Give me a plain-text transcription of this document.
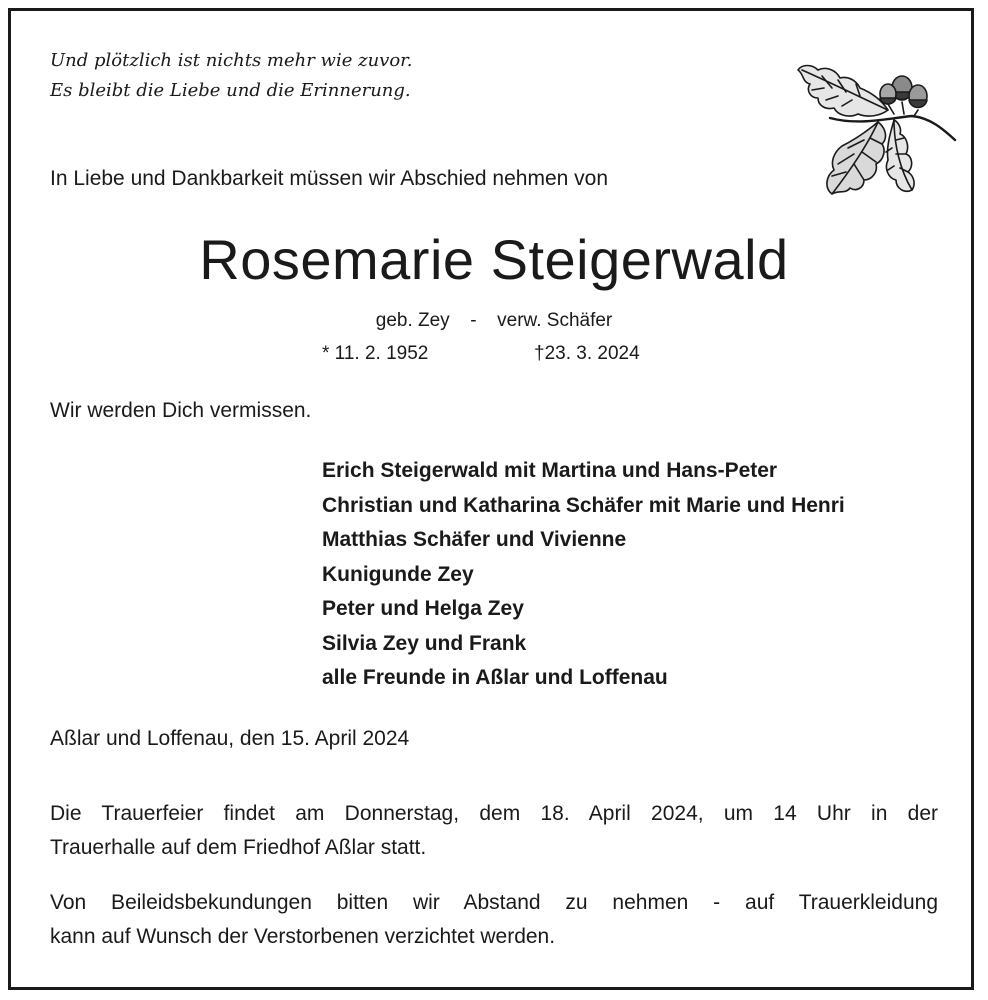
Und plötzlich ist nichts mehr wie zuvor.
Es bleibt die Liebe und die Erinnerung.
In Liebe und Dankbarkeit müssen wir Abschied nehmen von
Rosemarie Steigerwald
geb. Zey - verw. Schäfer
* 11. 2. 1952	†23. 3. 2024
Wir werden Dich vermissen.
Erich Steigerwald mit Martina und Hans-Peter
Christian und Katharina Schäfer mit Marie und Henri
Matthias Schäfer und Vivienne
Kunigunde Zey
Peter und Helga Zey
Silvia Zey und Frank
alle Freunde in Aßlar und Loffenau
Aßlar und Loffenau, den 15. April 2024
Die Trauerfeier findet am Donnerstag, dem 18. April 2024, um 14 Uhr in der
Trauerhalle auf dem Friedhof Aßlar statt.
Von Beileidsbekundungen bitten wir Abstand zu nehmen - auf Trauerkleidung
kann auf Wunsch der Verstorbenen verzichtet werden.
